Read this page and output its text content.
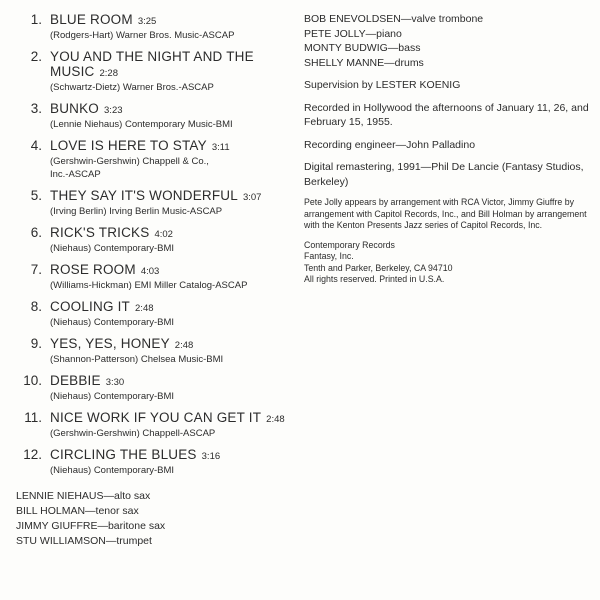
1. BLUE ROOM 3:25
(Rodgers-Hart) Warner Bros. Music-ASCAP
2. YOU AND THE NIGHT AND THE MUSIC 2:28
(Schwartz-Dietz) Warner Bros.-ASCAP
3. BUNKO 3:23
(Lennie Niehaus) Contemporary Music-BMI
4. LOVE IS HERE TO STAY 3:11
(Gershwin-Gershwin) Chappell & Co.,
Inc.-ASCAP
5. THEY SAY IT'S WONDERFUL 3:07
(Irving Berlin) Irving Berlin Music-ASCAP
6. RICK'S TRICKS 4:02
(Niehaus) Contemporary-BMI
7. ROSE ROOM 4:03
(Williams-Hickman) EMI Miller Catalog-ASCAP
8. COOLING IT 2:48
(Niehaus) Contemporary-BMI
9. YES, YES, HONEY 2:48
(Shannon-Patterson) Chelsea Music-BMI
10. DEBBIE 3:30
(Niehaus) Contemporary-BMI
11. NICE WORK IF YOU CAN GET IT 2:48
(Gershwin-Gershwin) Chappell-ASCAP
12. CIRCLING THE BLUES 3:16
(Niehaus) Contemporary-BMI
LENNIE NIEHAUS—alto sax
BILL HOLMAN—tenor sax
JIMMY GIUFFRE—baritone sax
STU WILLIAMSON—trumpet
BOB ENEVOLDSEN—valve trombone
PETE JOLLY—piano
MONTY BUDWIG—bass
SHELLY MANNE—drums
Supervision by LESTER KOENIG
Recorded in Hollywood the afternoons of January 11, 26, and February 15, 1955.
Recording engineer—John Palladino
Digital remastering, 1991—Phil De Lancie (Fantasy Studios, Berkeley)
Pete Jolly appears by arrangement with RCA Victor, Jimmy Giuffre by arrangement with Capitol Records, Inc., and Bill Holman by arrangement with the Kenton Presents Jazz series of Capitol Records, Inc.
Contemporary Records
Fantasy, Inc.
Tenth and Parker, Berkeley, CA 94710
All rights reserved. Printed in U.S.A.
